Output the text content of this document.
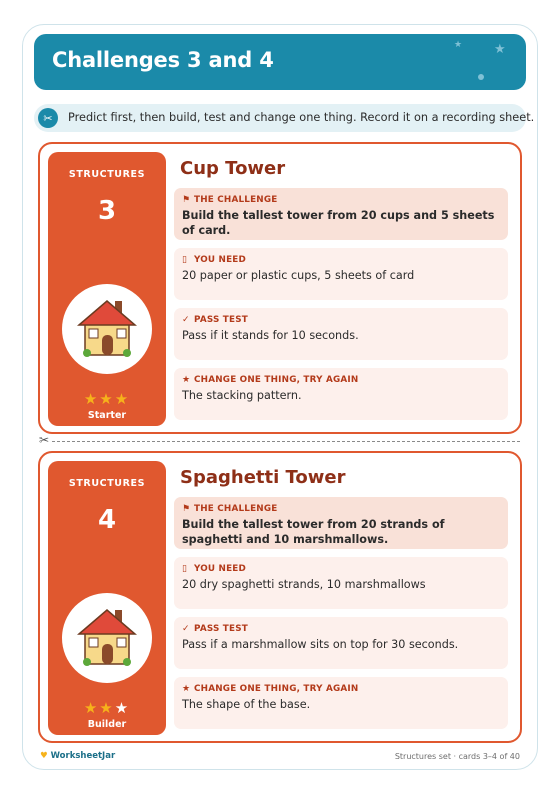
Challenges 3 and 4
★ ★
✂	Predict first, then build, test and change one thing. Record it on a recording sheet.
STRUCTURES
3
★★★
Starter
Cup Tower
⚑ THE CHALLENGE
Build the tallest tower from 20 cups and 5 sheets of card.
▯ YOU NEED
20 paper or plastic cups, 5 sheets of card
✓ PASS TEST
Pass if it stands for 10 seconds.
★ CHANGE ONE THING, TRY AGAIN
The stacking pattern.
✂
STRUCTURES
4
★★★
Builder
Spaghetti Tower
⚑ THE CHALLENGE
Build the tallest tower from 20 strands of spaghetti and 10 marshmallows.
▯ YOU NEED
20 dry spaghetti strands, 10 marshmallows
✓ PASS TEST
Pass if a marshmallow sits on top for 30 seconds.
★ CHANGE ONE THING, TRY AGAIN
The shape of the base.
♥ WorksheetJar	Structures set · cards 3–4 of 40
